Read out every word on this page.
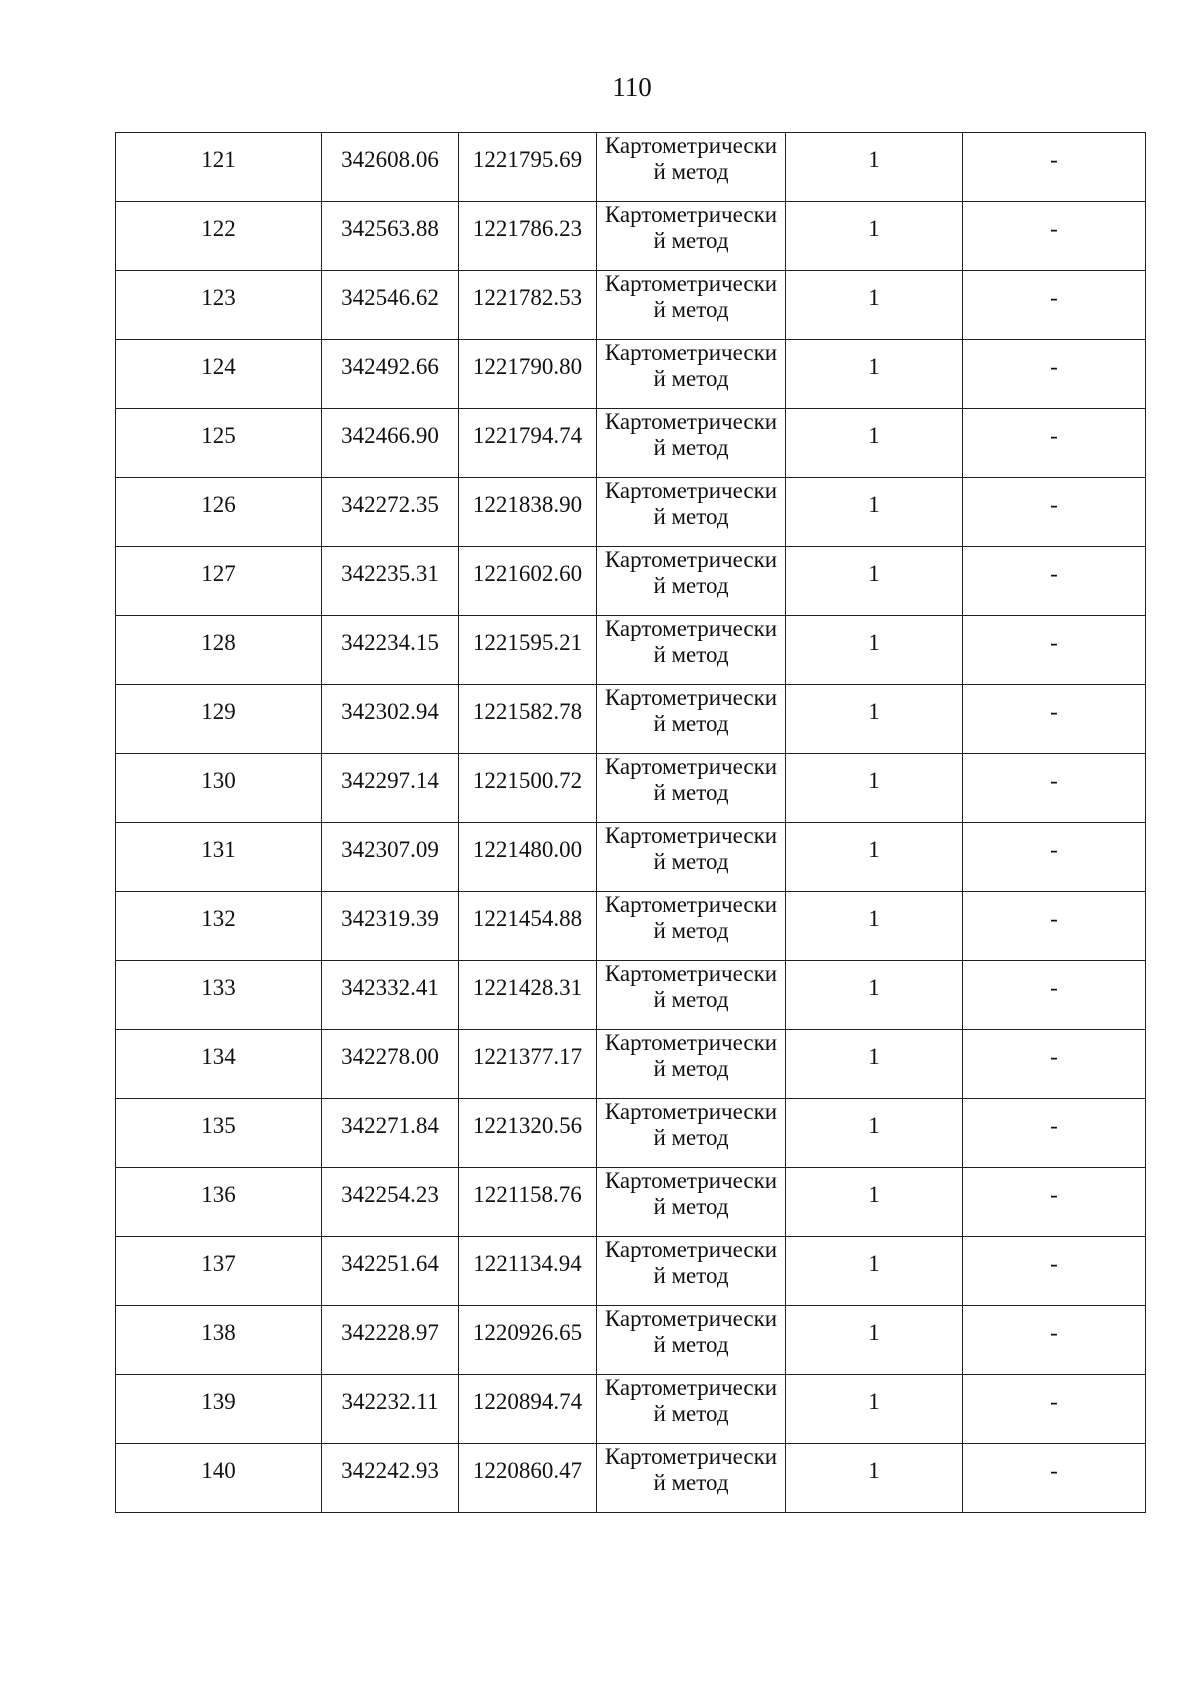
110
121	342608.06	1221795.69	Картометрический метод	1	-
122	342563.88	1221786.23	Картометрический метод	1	-
123	342546.62	1221782.53	Картометрический метод	1	-
124	342492.66	1221790.80	Картометрический метод	1	-
125	342466.90	1221794.74	Картометрический метод	1	-
126	342272.35	1221838.90	Картометрический метод	1	-
127	342235.31	1221602.60	Картометрический метод	1	-
128	342234.15	1221595.21	Картометрический метод	1	-
129	342302.94	1221582.78	Картометрический метод	1	-
130	342297.14	1221500.72	Картометрический метод	1	-
131	342307.09	1221480.00	Картометрический метод	1	-
132	342319.39	1221454.88	Картометрический метод	1	-
133	342332.41	1221428.31	Картометрический метод	1	-
134	342278.00	1221377.17	Картометрический метод	1	-
135	342271.84	1221320.56	Картометрический метод	1	-
136	342254.23	1221158.76	Картометрический метод	1	-
137	342251.64	1221134.94	Картометрический метод	1	-
138	342228.97	1220926.65	Картометрический метод	1	-
139	342232.11	1220894.74	Картометрический метод	1	-
140	342242.93	1220860.47	Картометрический метод	1	-
